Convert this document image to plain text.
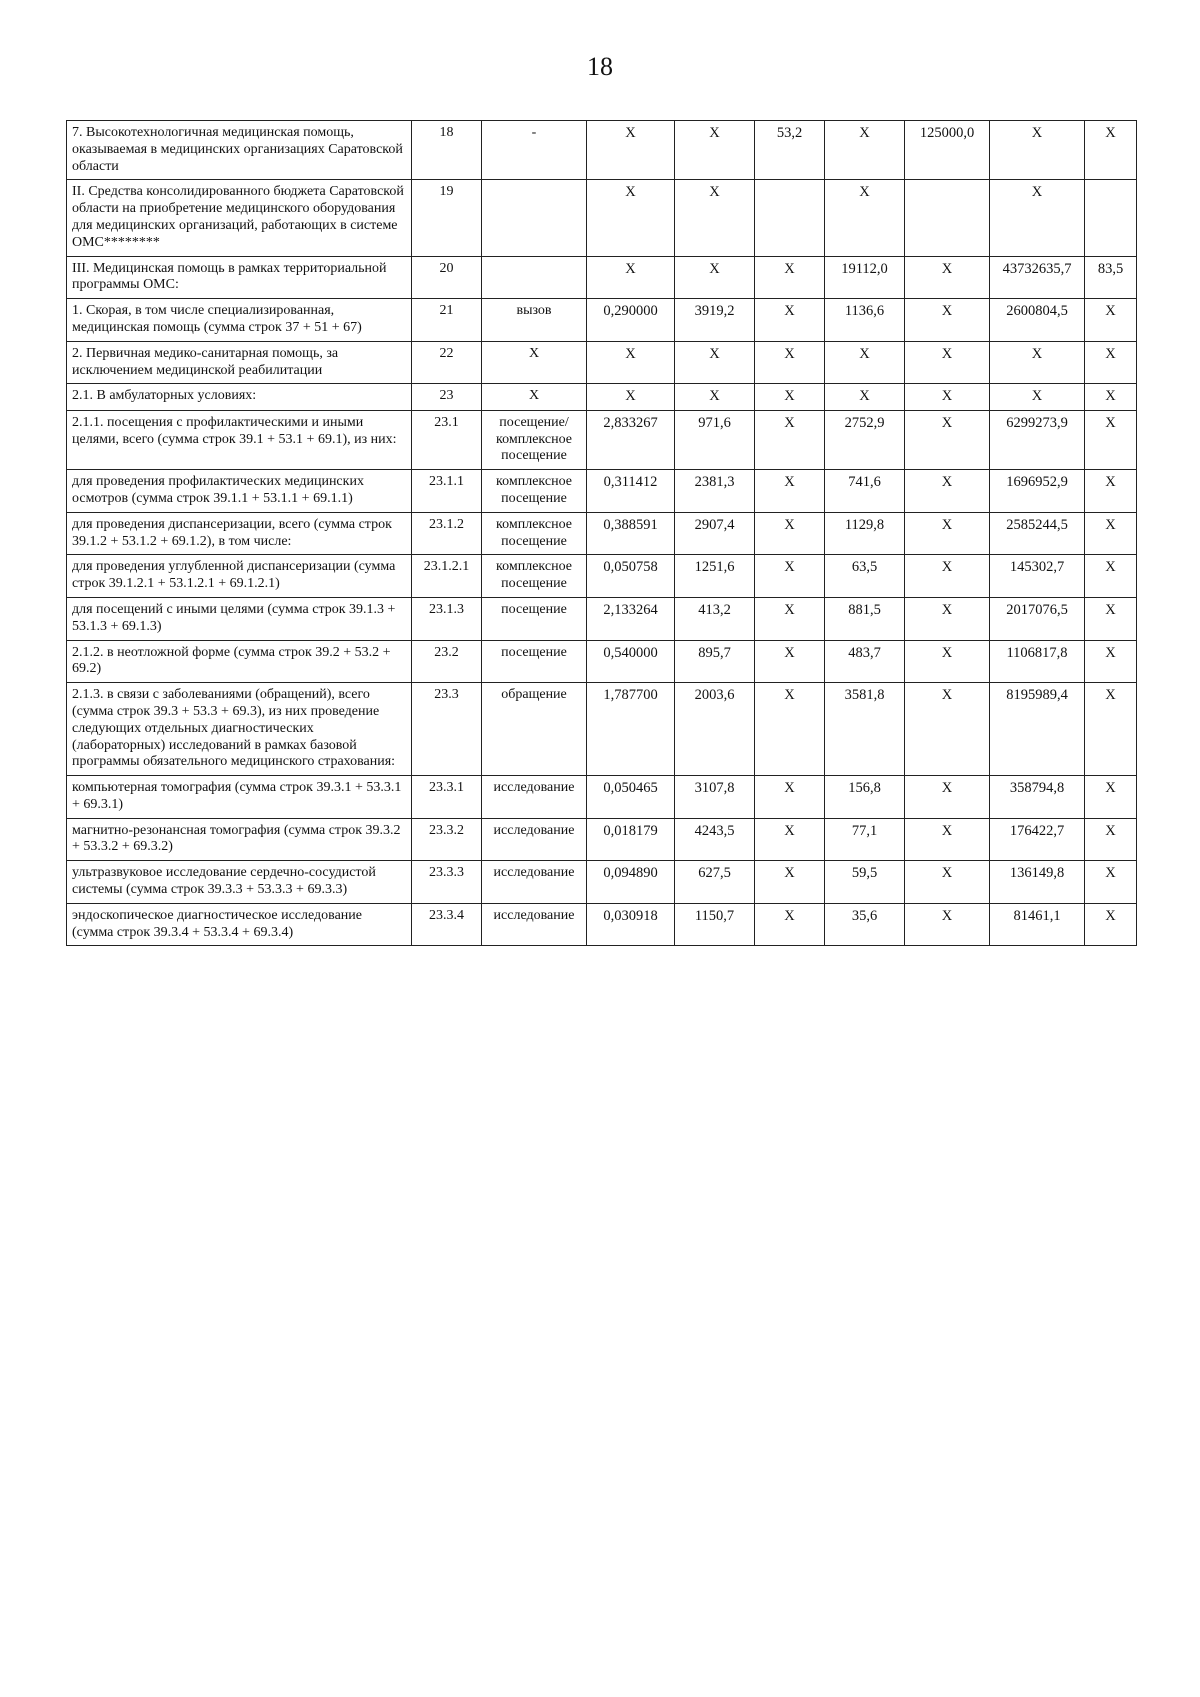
18
7. Высокотехнологичная медицинская помощь, оказываемая в медицинских организациях Саратовской области	18	-	X	X	53,2	X	125000,0	X	X
II. Средства консолидированного бюджета Саратовской области на приобретение медицинского оборудования для медицинских организаций, работающих в системе ОМС********	19		X	X		X		X	
III. Медицинская помощь в рамках территориальной программы ОМС:	20		X	X	X	19112,0	X	43732635,7	83,5
1. Скорая, в том числе специализированная, медицинская помощь (сумма строк 37 + 51 + 67)	21	вызов	0,290000	3919,2	X	1136,6	X	2600804,5	X
2. Первичная медико-санитарная помощь, за исключением медицинской реабилитации	22	X	X	X	X	X	X	X	X
2.1. В амбулаторных условиях:	23	X	X	X	X	X	X	X	X
2.1.1. посещения с профилактическими и иными целями, всего (сумма строк 39.1 + 53.1 + 69.1), из них:	23.1	посещение/ комплексное посещение	2,833267	971,6	X	2752,9	X	6299273,9	X
для проведения профилактических медицинских осмотров (сумма строк 39.1.1 + 53.1.1 + 69.1.1)	23.1.1	комплексное посещение	0,311412	2381,3	X	741,6	X	1696952,9	X
для проведения диспансеризации, всего (сумма строк 39.1.2 + 53.1.2 + 69.1.2), в том числе:	23.1.2	комплексное посещение	0,388591	2907,4	X	1129,8	X	2585244,5	X
для проведения углубленной диспансеризации (сумма строк 39.1.2.1 + 53.1.2.1 + 69.1.2.1)	23.1.2.1	комплексное посещение	0,050758	1251,6	X	63,5	X	145302,7	X
для посещений с иными целями (сумма строк 39.1.3 + 53.1.3 + 69.1.3)	23.1.3	посещение	2,133264	413,2	X	881,5	X	2017076,5	X
2.1.2. в неотложной форме (сумма строк 39.2 + 53.2 + 69.2)	23.2	посещение	0,540000	895,7	X	483,7	X	1106817,8	X
2.1.3. в связи с заболеваниями (обращений), всего (сумма строк 39.3 + 53.3 + 69.3), из них проведение следующих отдельных диагностических (лабораторных) исследований в рамках базовой программы обязательного медицинского страхования:	23.3	обращение	1,787700	2003,6	X	3581,8	X	8195989,4	X
компьютерная томография (сумма строк 39.3.1 + 53.3.1 + 69.3.1)	23.3.1	исследование	0,050465	3107,8	X	156,8	X	358794,8	X
магнитно-резонансная томография (сумма строк 39.3.2 + 53.3.2 + 69.3.2)	23.3.2	исследование	0,018179	4243,5	X	77,1	X	176422,7	X
ультразвуковое исследование сердечно-сосудистой системы (сумма строк 39.3.3 + 53.3.3 + 69.3.3)	23.3.3	исследование	0,094890	627,5	X	59,5	X	136149,8	X
эндоскопическое диагностическое исследование (сумма строк 39.3.4 + 53.3.4 + 69.3.4)	23.3.4	исследование	0,030918	1150,7	X	35,6	X	81461,1	X
